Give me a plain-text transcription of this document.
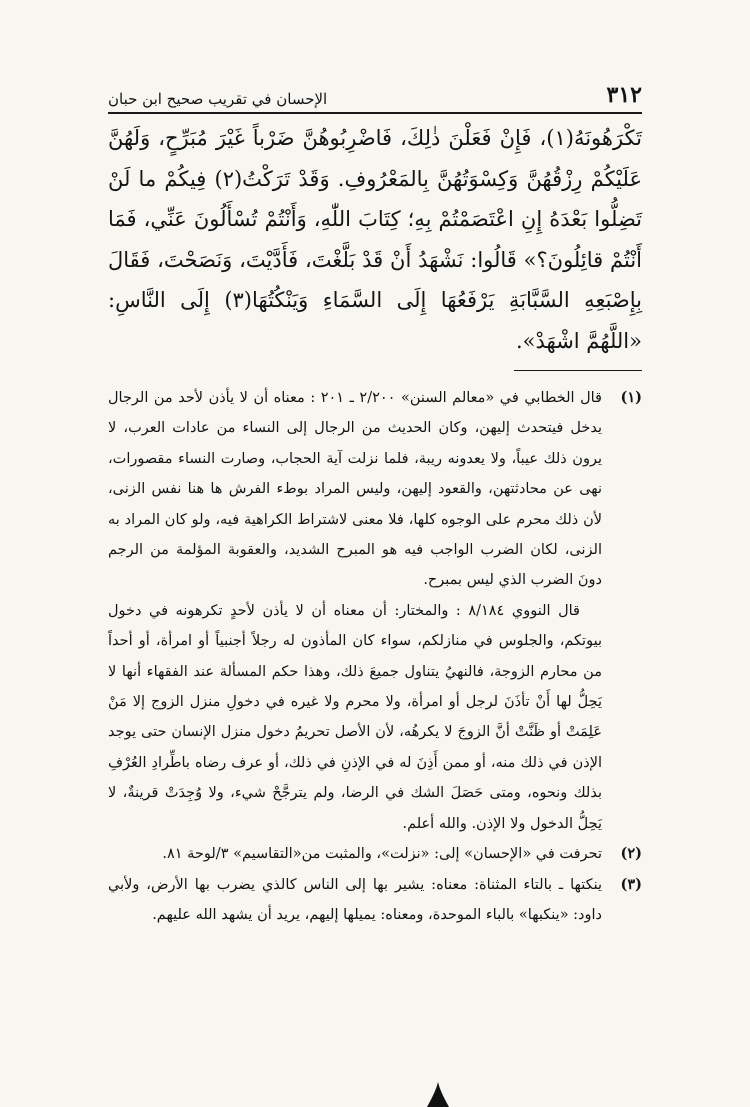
٣١٢
الإحسان في تقريب صحيح ابن حبان

تَكْرَهُونَهُ(١)، فَإِنْ فَعَلْنَ ذٰلِكَ، فَاضْرِبُوهُنَّ ضَرْباً غَيْرَ مُبَرِّحٍ، وَلَهُنَّ عَلَيْكُمْ رِزْقُهُنَّ وَكِسْوَتُهُنَّ بِالمَعْرُوفِ. وَقَدْ تَرَكْتُ(٢) فِيكُمْ ما لَنْ تَضِلُّوا بَعْدَهُ إِنِ اعْتَصَمْتُمْ بِهِ؛ كِتَابَ اللّٰهِ، وَأَنْتُمْ تُسْأَلُونَ عَنِّي، فَمَا أَنْتُمْ قائِلُونَ؟» قَالُوا: نَشْهَدُ أَنْ قَدْ بَلَّغْتَ، فَأَدَّيْتَ، وَنَصَحْتَ، فَقَالَ بِإِصْبَعِهِ السَّبَّابَةِ يَرْفَعُهَا إِلَى السَّمَاءِ وَيَنْكُتُهَا(٣) إِلَى النَّاسِ: «اللَّهُمَّ اشْهَدْ».

(١)

قال الخطابي في «معالم السنن» ٢/٢٠٠ ـ ٢٠١ : معناه أن لا يأذن لأحد من الرجال يدخل فيتحدث إليهن، وكان الحديث من الرجال إلى النساء من عادات العرب، لا يرون ذلك عيباً، ولا يعدونه ريبة، فلما نزلت آية الحجاب، وصارت النساء مقصورات، نهى عن محادثتهن، والقعود إليهن، وليس المراد بوطء الفرش ها هنا نفس الزنى، لأن ذلك محرم على الوجوه كلها، فلا معنى لاشتراط الكراهية فيه، ولو كان المراد به الزنى، لكان الضرب الواجب فيه هو المبرح الشديد، والعقوبة المؤلمة من الرجم دونَ الضرب الذي ليس بمبرح.

قال النووي ٨/١٨٤ : والمختار: أن معناه أن لا يأذن لأحدٍ تكرهونه في دخول بيوتكم، والجلوس في منازلكم، سواء كان المأذون له رجلاً أجنبياً أو امرأة، أو أحداً من محارم الزوجة، فالنهيُ يتناول جميعَ ذلك، وهذا حكم المسألة عند الفقهاء أنها لا يَحِلُّ لها أَنْ تأذَنَ لرجل أو امرأة، ولا محرم ولا غيره في دخولِ منزل الزوج إلا مَنْ عَلِمَتْ أو ظَنَّتْ أنَّ الزوجَ لا يكرهُه، لأن الأصل تحريمُ دخول منزل الإنسان حتى يوجد الإذن في ذلك منه، أو ممن أَذِنَ له في الإذنِ في ذلك، أو عرف رضاه باطِّرادِ العُرْفِ بذلك ونحوه، ومتى حَصَلَ الشك في الرضا، ولم يترجَّحْ شيء، ولا وُجِدَتْ قرينةٌ، لا يَحِلُّ الدخول ولا الإذن. والله أعلم.

(٢)

تحرفت في «الإحسان» إلى: «نزلت»، والمثبت من«التقاسيم» ٣/لوحة ٨١.

(٣)

ينكتها ـ بالتاء المثناة: معناه: يشير بها إلى الناس كالذي يضرب بها الأرض، ولأبي داود: «ينكبها» بالباء الموحدة، ومعناه: يميلها إليهم، يريد أن يشهد الله عليهم.
